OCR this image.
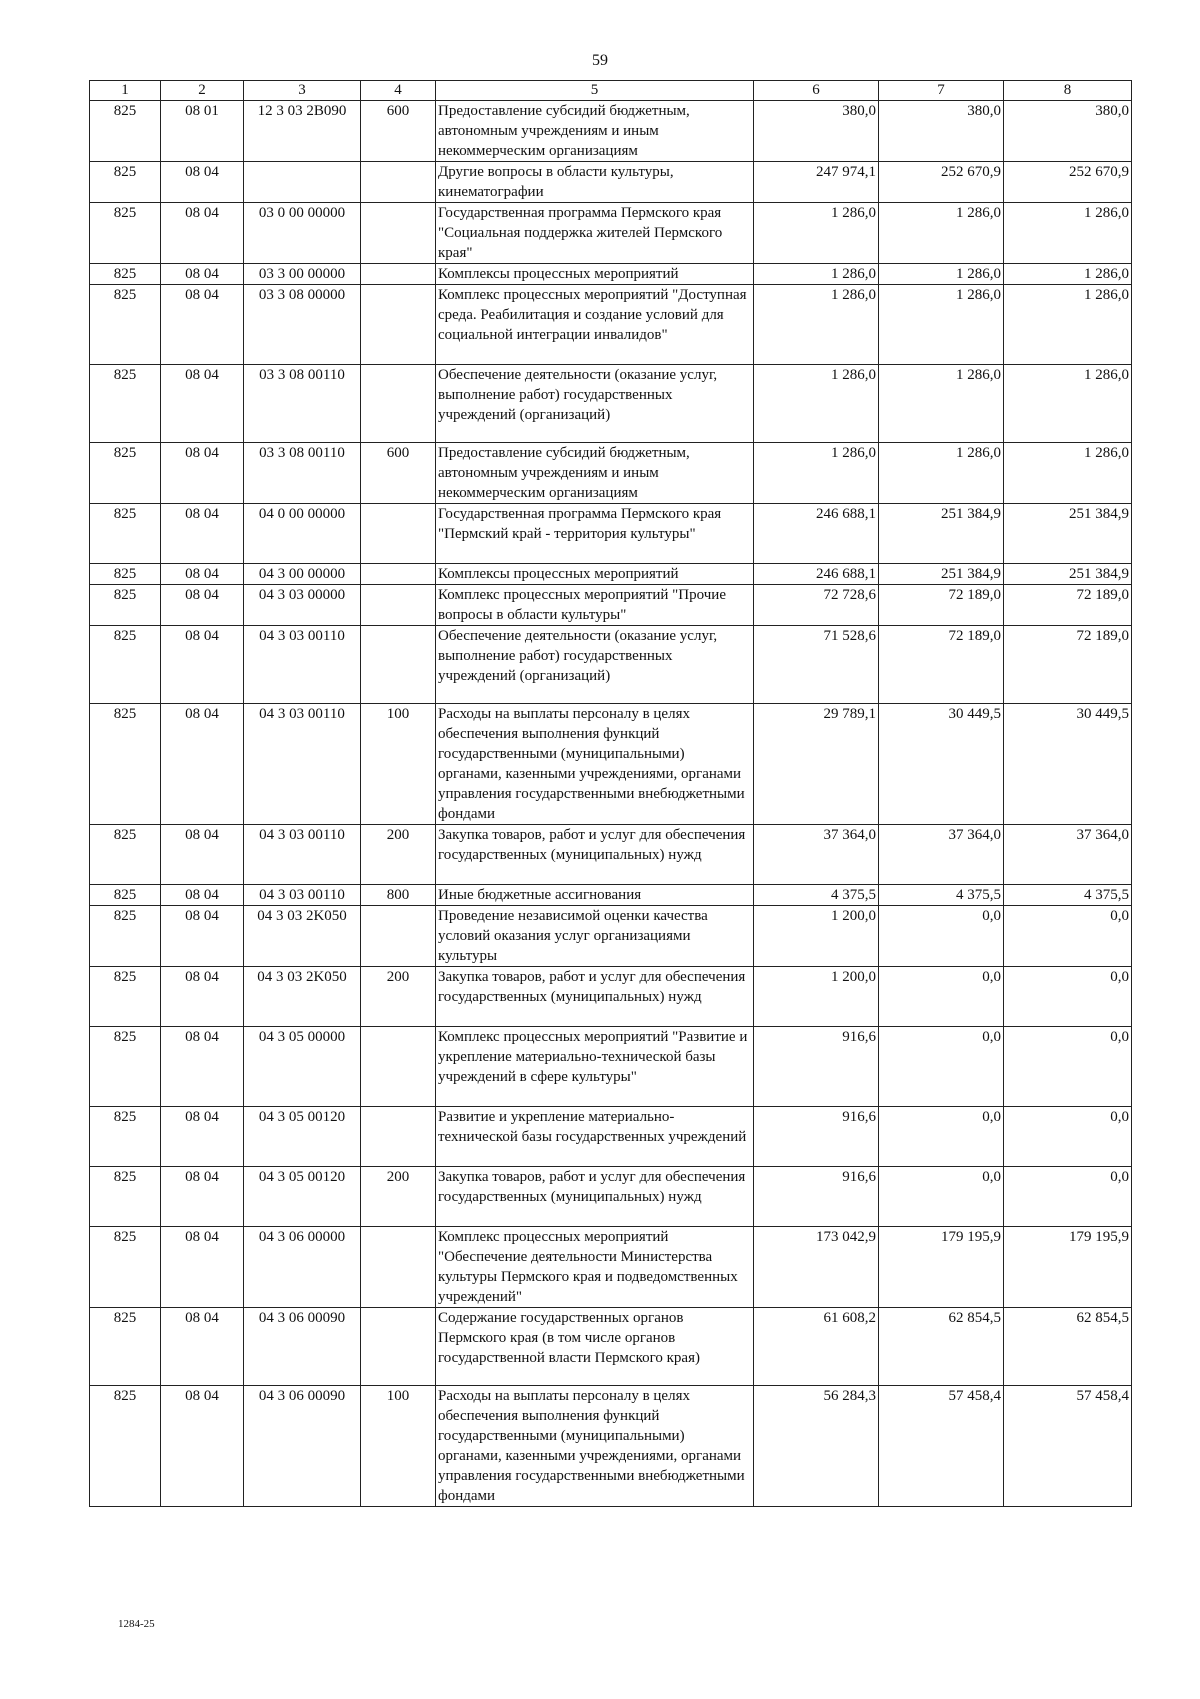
59
1	2	3	4	5	6	7	8
825	08 01	12 3 03 2B090	600	Предоставление субсидий бюджетным, автономным учреждениям и иным некоммерческим организациям	380,0	380,0	380,0
825	08 04			Другие вопросы в области культуры, кинематографии	247 974,1	252 670,9	252 670,9
825	08 04	03 0 00 00000		Государственная программа Пермского края "Социальная поддержка жителей Пермского края"	1 286,0	1 286,0	1 286,0
825	08 04	03 3 00 00000		Комплексы процессных мероприятий	1 286,0	1 286,0	1 286,0
825	08 04	03 3 08 00000		Комплекс процессных мероприятий "Доступная среда. Реабилитация и создание условий для социальной интеграции инвалидов"	1 286,0	1 286,0	1 286,0
825	08 04	03 3 08 00110		Обеспечение деятельности (оказание услуг, выполнение работ) государственных учреждений (организаций)	1 286,0	1 286,0	1 286,0
825	08 04	03 3 08 00110	600	Предоставление субсидий бюджетным, автономным учреждениям и иным некоммерческим организациям	1 286,0	1 286,0	1 286,0
825	08 04	04 0 00 00000		Государственная программа Пермского края "Пермский край - территория культуры"	246 688,1	251 384,9	251 384,9
825	08 04	04 3 00 00000		Комплексы процессных мероприятий	246 688,1	251 384,9	251 384,9
825	08 04	04 3 03 00000		Комплекс процессных мероприятий "Прочие вопросы в области культуры"	72 728,6	72 189,0	72 189,0
825	08 04	04 3 03 00110		Обеспечение деятельности (оказание услуг, выполнение работ) государственных учреждений (организаций)	71 528,6	72 189,0	72 189,0
825	08 04	04 3 03 00110	100	Расходы на выплаты персоналу в целях обеспечения выполнения функций государственными (муниципальными) органами, казенными учреждениями, органами управления государственными внебюджетными фондами	29 789,1	30 449,5	30 449,5
825	08 04	04 3 03 00110	200	Закупка товаров, работ и услуг для обеспечения государственных (муниципальных) нужд	37 364,0	37 364,0	37 364,0
825	08 04	04 3 03 00110	800	Иные бюджетные ассигнования	4 375,5	4 375,5	4 375,5
825	08 04	04 3 03 2K050		Проведение независимой оценки качества условий оказания услуг организациями культуры	1 200,0	0,0	0,0
825	08 04	04 3 03 2K050	200	Закупка товаров, работ и услуг для обеспечения государственных (муниципальных) нужд	1 200,0	0,0	0,0
825	08 04	04 3 05 00000		Комплекс процессных мероприятий "Развитие и укрепление материально-технической базы учреждений в сфере культуры"	916,6	0,0	0,0
825	08 04	04 3 05 00120		Развитие и укрепление материально-технической базы государственных учреждений	916,6	0,0	0,0
825	08 04	04 3 05 00120	200	Закупка товаров, работ и услуг для обеспечения государственных (муниципальных) нужд	916,6	0,0	0,0
825	08 04	04 3 06 00000		Комплекс процессных мероприятий "Обеспечение деятельности Министерства культуры Пермского края и подведомственных учреждений"	173 042,9	179 195,9	179 195,9
825	08 04	04 3 06 00090		Содержание государственных органов Пермского края (в том числе органов государственной власти Пермского края)	61 608,2	62 854,5	62 854,5
825	08 04	04 3 06 00090	100	Расходы на выплаты персоналу в целях обеспечения выполнения функций государственными (муниципальными) органами, казенными учреждениями, органами управления государственными внебюджетными фондами	56 284,3	57 458,4	57 458,4
1284-25
